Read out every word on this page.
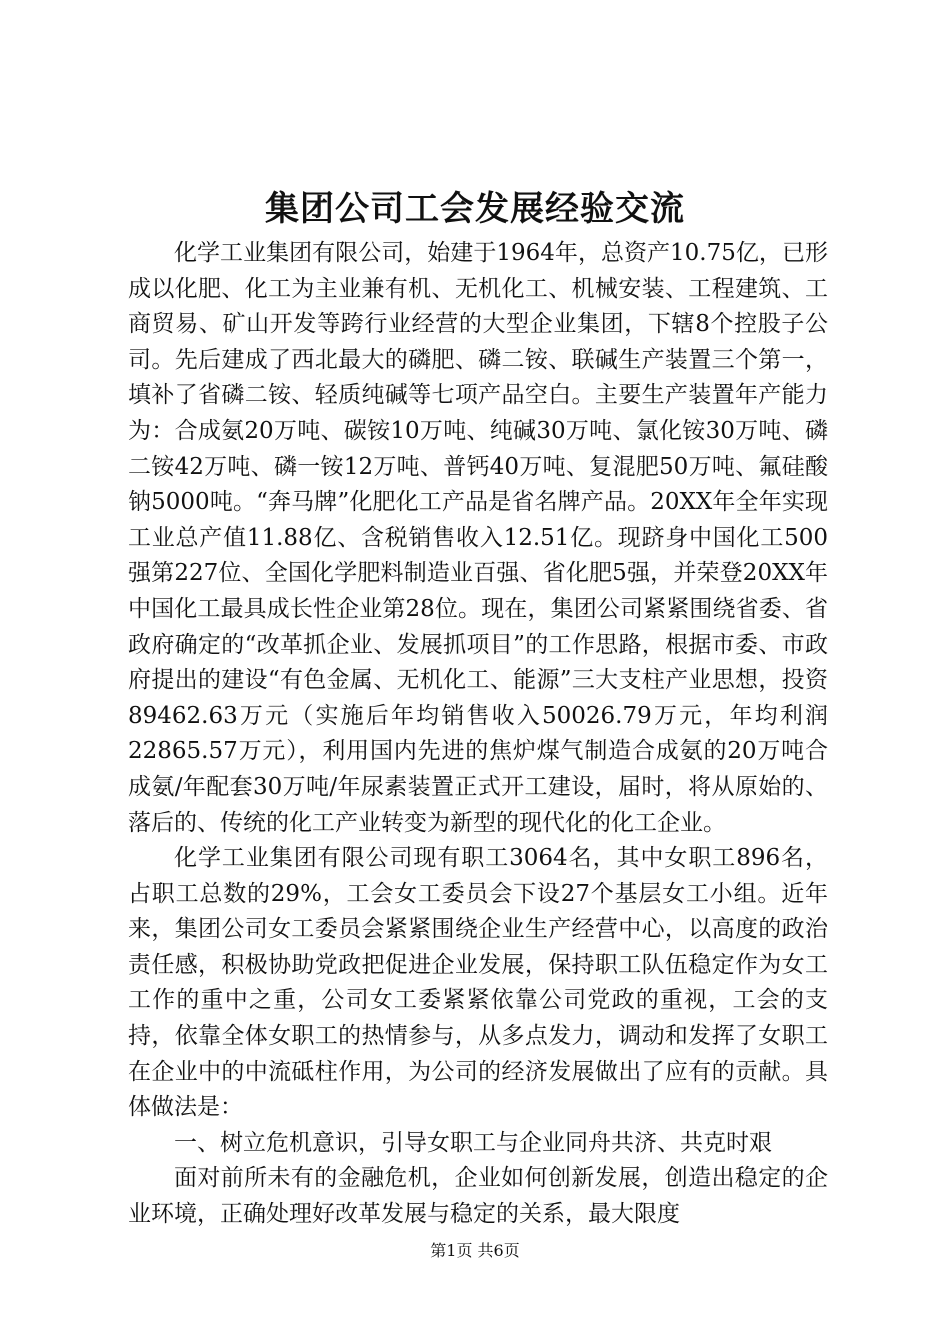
集团公司工会发展经验交流

化学工业集团有限公司，始建于1964年，总资产10.75亿，已形成以化肥、化工为主业兼有机、无机化工、机械安装、工程建筑、工商贸易、矿山开发等跨行业经营的大型企业集团，下辖8个控股子公司。先后建成了西北最大的磷肥、磷二铵、联碱生产装置三个第一，填补了省磷二铵、轻质纯碱等七项产品空白。主要生产装置年产能力为：合成氨20万吨、碳铵10万吨、纯碱30万吨、氯化铵30万吨、磷二铵42万吨、磷一铵12万吨、普钙40万吨、复混肥50万吨、氟硅酸钠5000吨。“奔马牌”化肥化工产品是省名牌产品。20XX年全年实现工业总产值11.88亿、含税销售收入12.51亿。现跻身中国化工500强第227位、全国化学肥料制造业百强、省化肥5强，并荣登20XX年中国化工最具成长性企业第28位。现在，集团公司紧紧围绕省委、省政府确定的“改革抓企业、发展抓项目”的工作思路，根据市委、市政府提出的建设“有色金属、无机化工、能源”三大支柱产业思想，投资89462.63万元（实施后年均销售收入50026.79万元，年均利润22865.57万元），利用国内先进的焦炉煤气制造合成氨的20万吨合成氨/年配套30万吨/年尿素装置正式开工建设，届时，将从原始的、落后的、传统的化工产业转变为新型的现代化的化工企业。

化学工业集团有限公司现有职工3064名，其中女职工896名，占职工总数的29%，工会女工委员会下设27个基层女工小组。近年来，集团公司女工委员会紧紧围绕企业生产经营中心，以高度的政治责任感，积极协助党政把促进企业发展，保持职工队伍稳定作为女工工作的重中之重，公司女工委紧紧依靠公司党政的重视，工会的支持，依靠全体女职工的热情参与，从多点发力，调动和发挥了女职工在企业中的中流砥柱作用，为公司的经济发展做出了应有的贡献。具体做法是：

一、树立危机意识，引导女职工与企业同舟共济、共克时艰

面对前所未有的金融危机，企业如何创新发展，创造出稳定的企业环境，正确处理好改革发展与稳定的关系，最大限度

第1页 共6页
